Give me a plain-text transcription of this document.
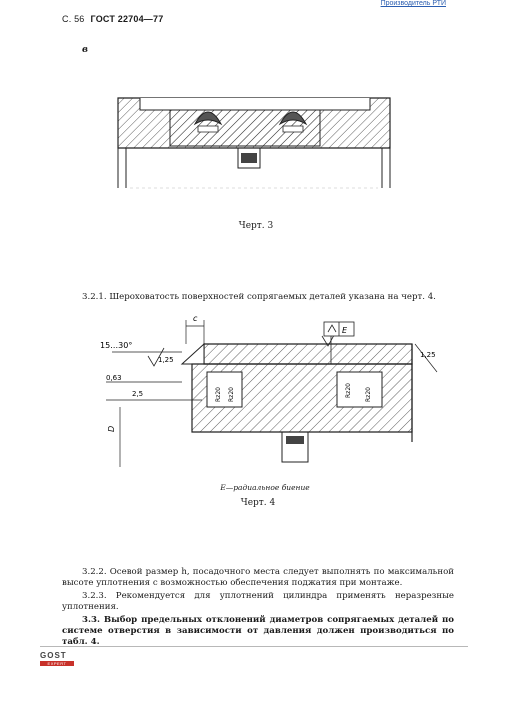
Производитель РТИ
С. 56 ГОСТ 22704—77
в
Черт. 3
3.2.1. Шероховатость поверхностей сопрягаемых деталей указана на черт. 4.
c
15…30°
1,25
1,25
0,63
2,5
D
E
Rz20 Rz20	Rz20 Rz20
E—радиальное биение
Черт. 4
3.2.2. Осевой размер h, посадочного места следует выполнять по максимальной высоте уплотнения с возможностью обеспечения поджатия при монтаже.
3.2.3. Рекомендуется для уплотнений цилиндра применять неразрезные уплотнения.
3.3. Выбор предельных отклонений диаметров сопрягаемых деталей по системе отверстия в зависимости от давления должен производиться по табл. 4.
GOST
EXPERT
